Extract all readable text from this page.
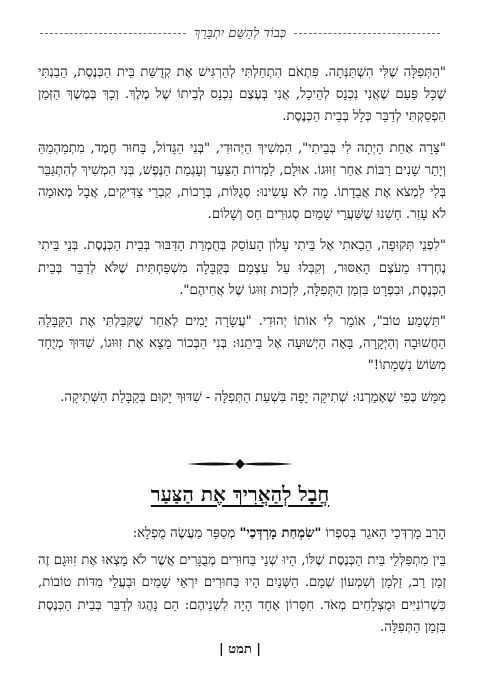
כְּבוֹד לְהַשֵּׁם יִתְבָּרֵךְ

"הַתְּפִלָּה שֶׁלִּי הִשְׁתַּנְּתָה. פִּתְאֹם הִתְחַלְתִּי לְהַרְגִּישׁ אֶת קְדֻשַּׁת בֵּית הַכְּנֶסֶת, הֵבַנְתִּי שֶׁכָּל פַּעַם שֶׁאֲנִי נִכְנָס לְהֵיכָל, אֲנִי בְּעֶצֶם נִכְנָס לְבֵיתוֹ שֶׁל מֶלֶךְ. וְכָךְ בְּמֶשֶׁךְ הַזְּמַן הִפְסַקְתִּי לְדַבֵּר כְּלָל בְּבֵית הַכְּנֶסֶת.

"צָרָה אַחַת הָיְתָה לִי בְּבֵיתִי", הִמְשִׁיךְ הַיְּהוּדִי, "בְּנִי הַגָּדוֹל, בָּחוּר חֶמֶד, מִתְמַהְמֵהַּ וְיָתֵר שָׁנִים רַבּוֹת אַחַר זִוּוּגוֹ. אוּלָם, לַמְרוֹת הַצַּעַר וְעָגְמַת הַנֶּפֶשׁ, בְּנִי הִמְשִׁיךְ לְהִתְגַּבֵּר בְּלִי לִמְצֹא אֶת אֲבֵדָתוֹ. מָה לֹא עָשִׂינוּ: סְגֻלּוֹת, בְּרָכוֹת, קִבְרֵי צַדִּיקִים, אֲבָל מְאוּמָה לֹא עָזַר. חָשַׁנוּ שֶׁשַּׁעֲרֵי שָׁמַיִם סְגוּרִים חַס וְשָׁלוֹם.

"לִפְנֵי תְּקוּפָה, הֵבֵאתִי אֶל בֵּיתִי עָלוֹן הָעוֹסֵק בְּחֻמְרַת הַדִּבּוּר בְּבֵית הַכְּנֶסֶת. בְּנֵי בֵּיתִי נֶחְרְדוּ מֵעֹצֶם הָאִסּוּר, וְקִבְּלוּ עַל עַצְמָם בְּקַבָּלָה מִשְׁפַּחְתִּית שֶׁלֹּא לְדַבֵּר בְּבֵית הַכְּנֶסֶת, וּבִפְרָט בִּזְמַן הַתְּפִלָּה, לִזְכוּת זִוּוּגוֹ שֶׁל אֲחִיהֶם".

"תִּשְׁמַע טוֹב", אוֹמֵר לִי אוֹתוֹ יְהוּדִי. "עֲשָׂרָה יָמִים לְאַחַר שֶׁקִּבַּלְתִּי אֶת הַקַּבָּלָה הַחֲשׁוּבָה וְהַיְּקָרָה, בָּאָה הַיְשׁוּעָה אֶל בֵּיתֵנוּ: בְּנִי הַבְּכוֹר מָצָא אֶת זִוּוּגוֹ, שִׁדּוּךְ מְיֻחָד מִשּׂוֹשׂ נִשְׁמָתוֹ!"

מַמָּשׁ כְּפִי שֶׁאָמַרְנוּ: שְׁתִיקָה יָפָה בִּשְׁעַת הַתְּפִלָּה - שִׁדּוּךְ יָקוּם בְּקַבָּלַת הַשְּׁתִיקָה.

חֲבָל לְהַאֲרִיךְ אֶת הַצַּעַר

הָרַב מָרְדְּכַי הָאגֵר בְּסִפְרוֹ "שִׂמְחַת מָרְדְּכַי" מְסַפֵּר מַעֲשֶׂה מֻפְלָא:

בֵּין מִתְפַּלְּלֵי בֵּית הַכְּנֶסֶת שֶׁלּוֹ, הָיוּ שְׁנֵי בַּחוּרִים מְבֻגָּרִים אֲשֶׁר לֹא מָצְאוּ אֶת זִוּוּגָם זֶה זְמַן רַב, זַלְמָן וְשִׁמְעוֹן שְׁמָם. הַשְּׁנַיִם הָיוּ בַּחוּרִים יִרְאֵי שָׁמַיִם וּבַעֲלֵי מִדּוֹת טוֹבוֹת, כִּשְׁרוֹנִיִּים וּמֻצְלָחִים מְאֹד. חִסָּרוֹן אֶחָד הָיָה לִשְׁנֵיהֶם: הֵם נָהֲגוּ לְדַבֵּר בְּבֵית הַכְּנֶסֶת בִּזְמַן הַתְּפִלָּה.

| תמט |
